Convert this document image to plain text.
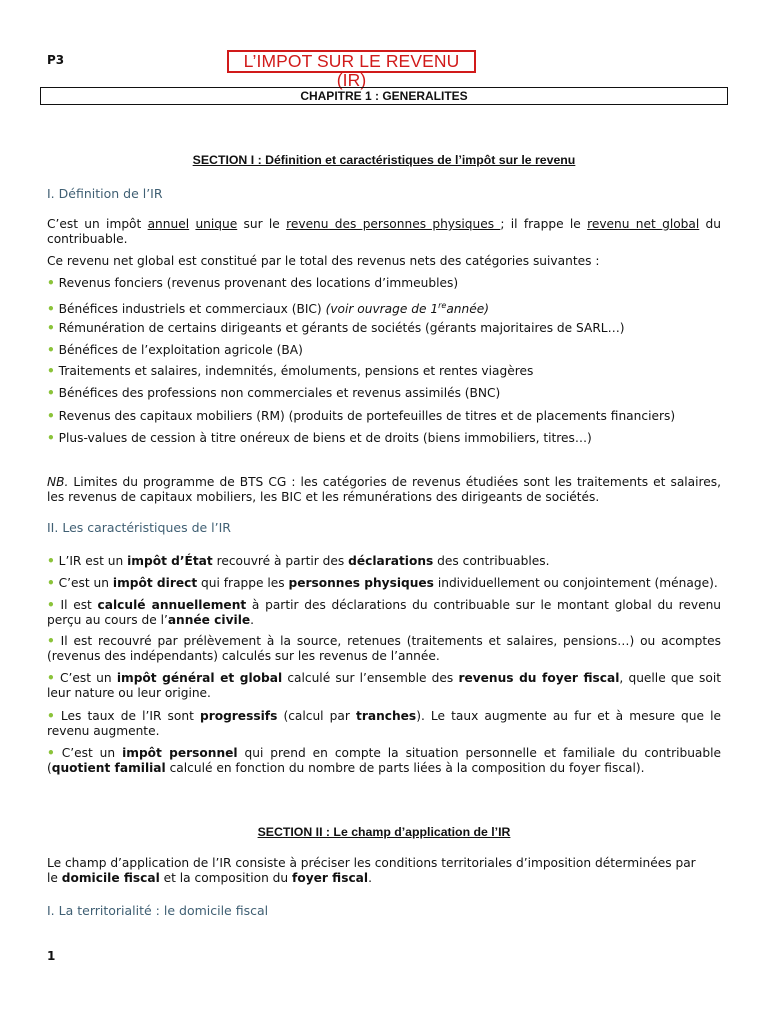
P3	L’IMPOT SUR LE REVENU (IR)
CHAPITRE 1 : GENERALITES
SECTION I : Définition et caractéristiques de l’impôt sur le revenu
I. Définition de l’IR
C’est un impôt annuel unique sur le revenu des personnes physiques ; il frappe le revenu net global du contribuable.
Ce revenu net global est constitué par le total des revenus nets des catégories suivantes :
• Revenus fonciers (revenus provenant des locations d’immeubles)
• Bénéfices industriels et commerciaux (BIC) (voir ouvrage de 1reannée)
• Rémunération de certains dirigeants et gérants de sociétés (gérants majoritaires de SARL…)
• Bénéfices de l’exploitation agricole (BA)
• Traitements et salaires, indemnités, émoluments, pensions et rentes viagères
• Bénéfices des professions non commerciales et revenus assimilés (BNC)
• Revenus des capitaux mobiliers (RM) (produits de portefeuilles de titres et de placements financiers)
• Plus-values de cession à titre onéreux de biens et de droits (biens immobiliers, titres…)
NB. Limites du programme de BTS CG : les catégories de revenus étudiées sont les traitements et salaires, les revenus de capitaux mobiliers, les BIC et les rémunérations des dirigeants de sociétés.
II. Les caractéristiques de l’IR
• L’IR est un impôt d’État recouvré à partir des déclarations des contribuables.
• C’est un impôt direct qui frappe les personnes physiques individuellement ou conjointement (ménage).
• Il est calculé annuellement à partir des déclarations du contribuable sur le montant global du revenu perçu au cours de l’année civile.
• Il est recouvré par prélèvement à la source, retenues (traitements et salaires, pensions…) ou acomptes (revenus des indépendants) calculés sur les revenus de l’année.
• C’est un impôt général et global calculé sur l’ensemble des revenus du foyer fiscal, quelle que soit leur nature ou leur origine.
• Les taux de l’IR sont progressifs (calcul par tranches). Le taux augmente au fur et à mesure que le revenu augmente.
• C’est un impôt personnel qui prend en compte la situation personnelle et familiale du contribuable (quotient familial calculé en fonction du nombre de parts liées à la composition du foyer fiscal).
SECTION II : Le champ d’application de l’IR
Le champ d’application de l’IR consiste à préciser les conditions territoriales d’imposition déterminées par le domicile fiscal et la composition du foyer fiscal.
I. La territorialité : le domicile fiscal
1
